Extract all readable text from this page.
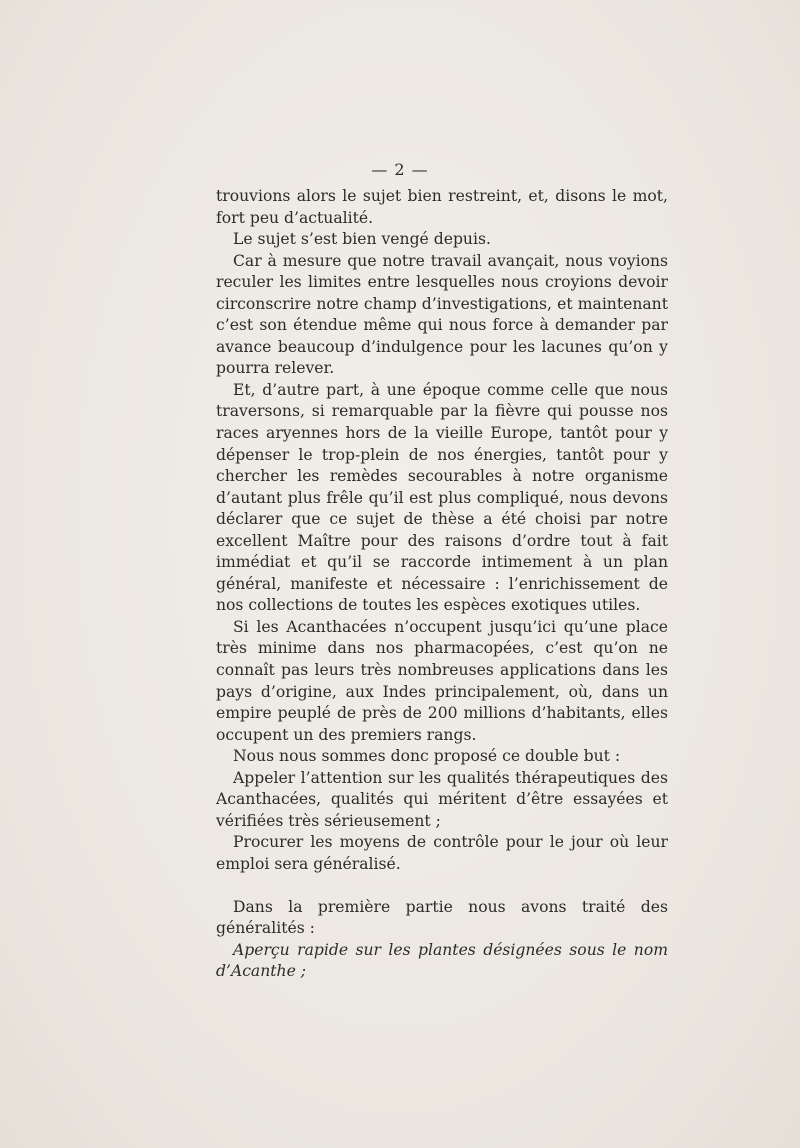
— 2 —

trouvions alors le sujet bien restreint, et, disons le mot, fort peu d’actualité.

Le sujet s’est bien vengé depuis.

Car à mesure que notre travail avançait, nous voyions reculer les limites entre lesquelles nous croyions devoir circonscrire notre champ d’investigations, et maintenant c’est son étendue même qui nous force à demander par avance beaucoup d’indulgence pour les lacunes qu’on y pourra relever.

Et, d’autre part, à une époque comme celle que nous traversons, si remarquable par la fièvre qui pousse nos races aryennes hors de la vieille Europe, tantôt pour y dépenser le trop-plein de nos énergies, tantôt pour y chercher les remèdes secourables à notre organisme d’autant plus frêle qu’il est plus compliqué, nous devons déclarer que ce sujet de thèse a été choisi par notre excellent Maître pour des raisons d’ordre tout à fait immédiat et qu’il se raccorde intimement à un plan général, manifeste et nécessaire : l’enrichissement de nos collections de toutes les espèces exotiques utiles.

Si les Acanthacées n’occupent jusqu’ici qu’une place très minime dans nos pharmacopées, c’est qu’on ne connaît pas leurs très nombreuses applications dans les pays d’origine, aux Indes principalement, où, dans un empire peuplé de près de 200 millions d’habitants, elles occupent un des premiers rangs.

Nous nous sommes donc proposé ce double but :

Appeler l’attention sur les qualités thérapeutiques des Acanthacées, qualités qui méritent d’être essayées et vérifiées très sérieusement ;

Procurer les moyens de contrôle pour le jour où leur emploi sera généralisé.

Dans la première partie nous avons traité des généralités :

Aperçu rapide sur les plantes désignées sous le nom d’Acanthe ;
